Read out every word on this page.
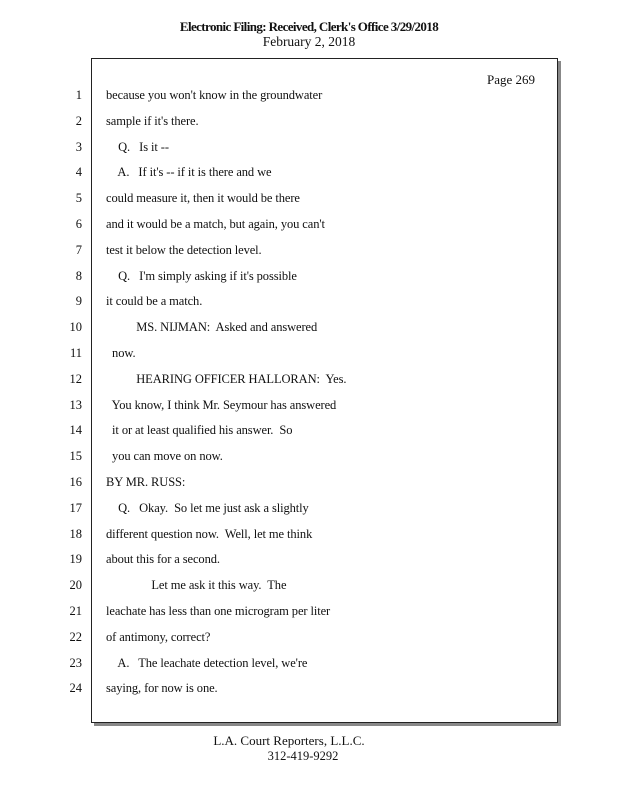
Electronic Filing: Received, Clerk's Office 3/29/2018
February 2, 2018
Page 269
1
2
3
4
5
6
7
8
9
10
11
12
13
14
15
16
17
18
19
20
21
22
23
24
because you won't know in the groundwater
sample if it's there.
Q.   Is it --
A.   If it's -- if it is there and we
could measure it, then it would be there
and it would be a match, but again, you can't
test it below the detection level.
Q.   I'm simply asking if it's possible
it could be a match.
MS. NIJMAN:  Asked and answered
now.
HEARING OFFICER HALLORAN:  Yes.
You know, I think Mr. Seymour has answered
it or at least qualified his answer.  So
you can move on now.
BY MR. RUSS:
Q.   Okay.  So let me just ask a slightly
different question now.  Well, let me think
about this for a second.
Let me ask it this way.  The
leachate has less than one microgram per liter
of antimony, correct?
A.   The leachate detection level, we're
saying, for now is one.
L.A. Court Reporters, L.L.C.
312-419-9292
